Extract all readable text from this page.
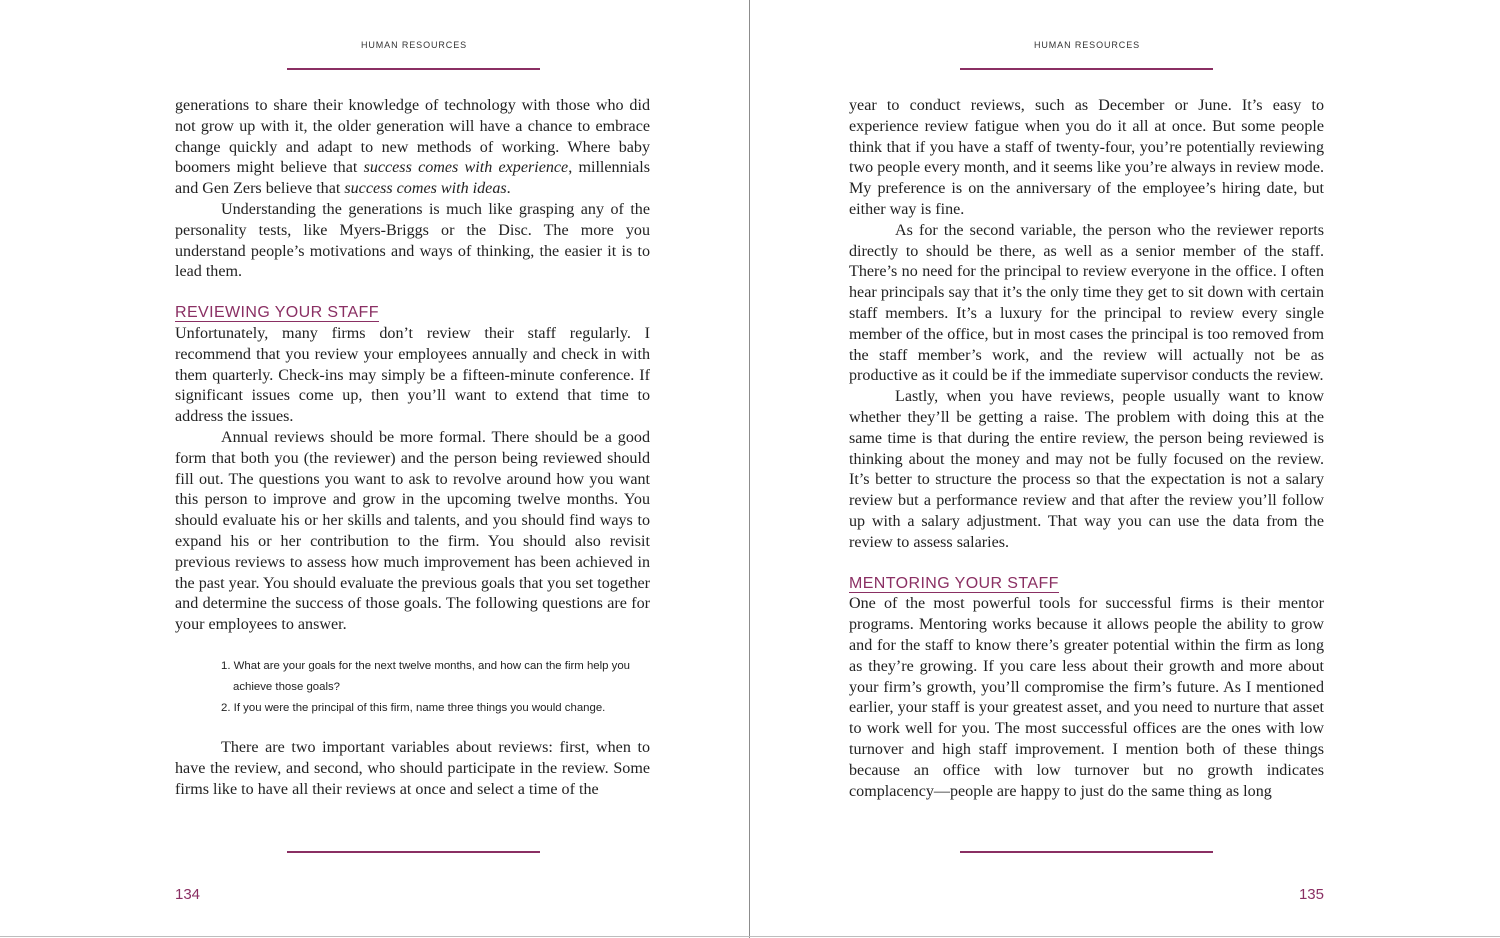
HUMAN RESOURCES

generations to share their knowledge of technology with those who did not grow up with it, the older generation will have a chance to embrace change quickly and adapt to new methods of working. Where baby boomers might believe that success comes with experience, millennials and Gen Zers believe that success comes with ideas.

Understanding the generations is much like grasping any of the personality tests, like Myers-Briggs or the Disc. The more you understand people’s motivations and ways of thinking, the easier it is to lead them.

REVIEWING YOUR STAFF

Unfortunately, many firms don’t review their staff regularly. I recommend that you review your employees annually and check in with them quarterly. Check-ins may simply be a fifteen-minute conference. If significant issues come up, then you’ll want to extend that time to address the issues.

Annual reviews should be more formal. There should be a good form that both you (the reviewer) and the person being reviewed should fill out. The questions you want to ask to revolve around how you want this person to improve and grow in the upcoming twelve months. You should evaluate his or her skills and talents, and you should find ways to expand his or her contribution to the firm. You should also revisit previous reviews to assess how much improvement has been achieved in the past year. You should evaluate the previous goals that you set together and determine the success of those goals. The following questions are for your employees to answer.

1. What are your goals for the next twelve months, and how can the firm help you achieve those goals?
2. If you were the principal of this firm, name three things you would change.

There are two important variables about reviews: first, when to have the review, and second, who should participate in the review. Some firms like to have all their reviews at once and select a time of the

134
HUMAN RESOURCES

year to conduct reviews, such as December or June. It’s easy to experience review fatigue when you do it all at once. But some people think that if you have a staff of twenty-four, you’re potentially reviewing two people every month, and it seems like you’re always in review mode. My preference is on the anniversary of the employee’s hiring date, but either way is fine.

As for the second variable, the person who the reviewer reports directly to should be there, as well as a senior member of the staff. There’s no need for the principal to review everyone in the office. I often hear principals say that it’s the only time they get to sit down with certain staff members. It’s a luxury for the principal to review every single member of the office, but in most cases the principal is too removed from the staff member’s work, and the review will actually not be as productive as it could be if the immediate supervisor conducts the review.

Lastly, when you have reviews, people usually want to know whether they’ll be getting a raise. The problem with doing this at the same time is that during the entire review, the person being reviewed is thinking about the money and may not be fully focused on the review. It’s better to structure the process so that the expectation is not a salary review but a performance review and that after the review you’ll follow up with a salary adjustment. That way you can use the data from the review to assess salaries.

MENTORING YOUR STAFF

One of the most powerful tools for successful firms is their mentor programs. Mentoring works because it allows people the ability to grow and for the staff to know there’s greater potential within the firm as long as they’re growing. If you care less about their growth and more about your firm’s growth, you’ll compromise the firm’s future. As I mentioned earlier, your staff is your greatest asset, and you need to nurture that asset to work well for you. The most successful offices are the ones with low turnover and high staff improvement. I mention both of these things because an office with low turnover but no growth indicates complacency—people are happy to just do the same thing as long

135
